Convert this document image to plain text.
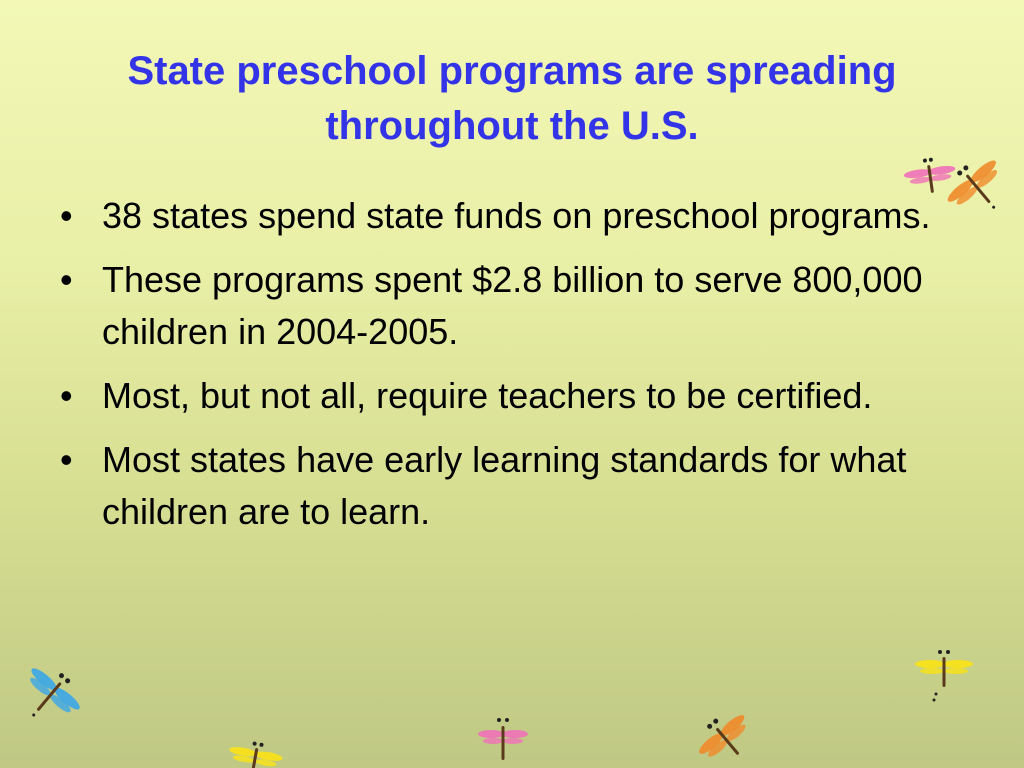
State preschool programs are spreading throughout the U.S.
• 38 states spend state funds on preschool programs.
• These programs spent $2.8 billion to serve 800,000 children in 2004-2005.
• Most, but not all, require teachers to be certified.
• Most states have early learning standards for what children are to learn.
